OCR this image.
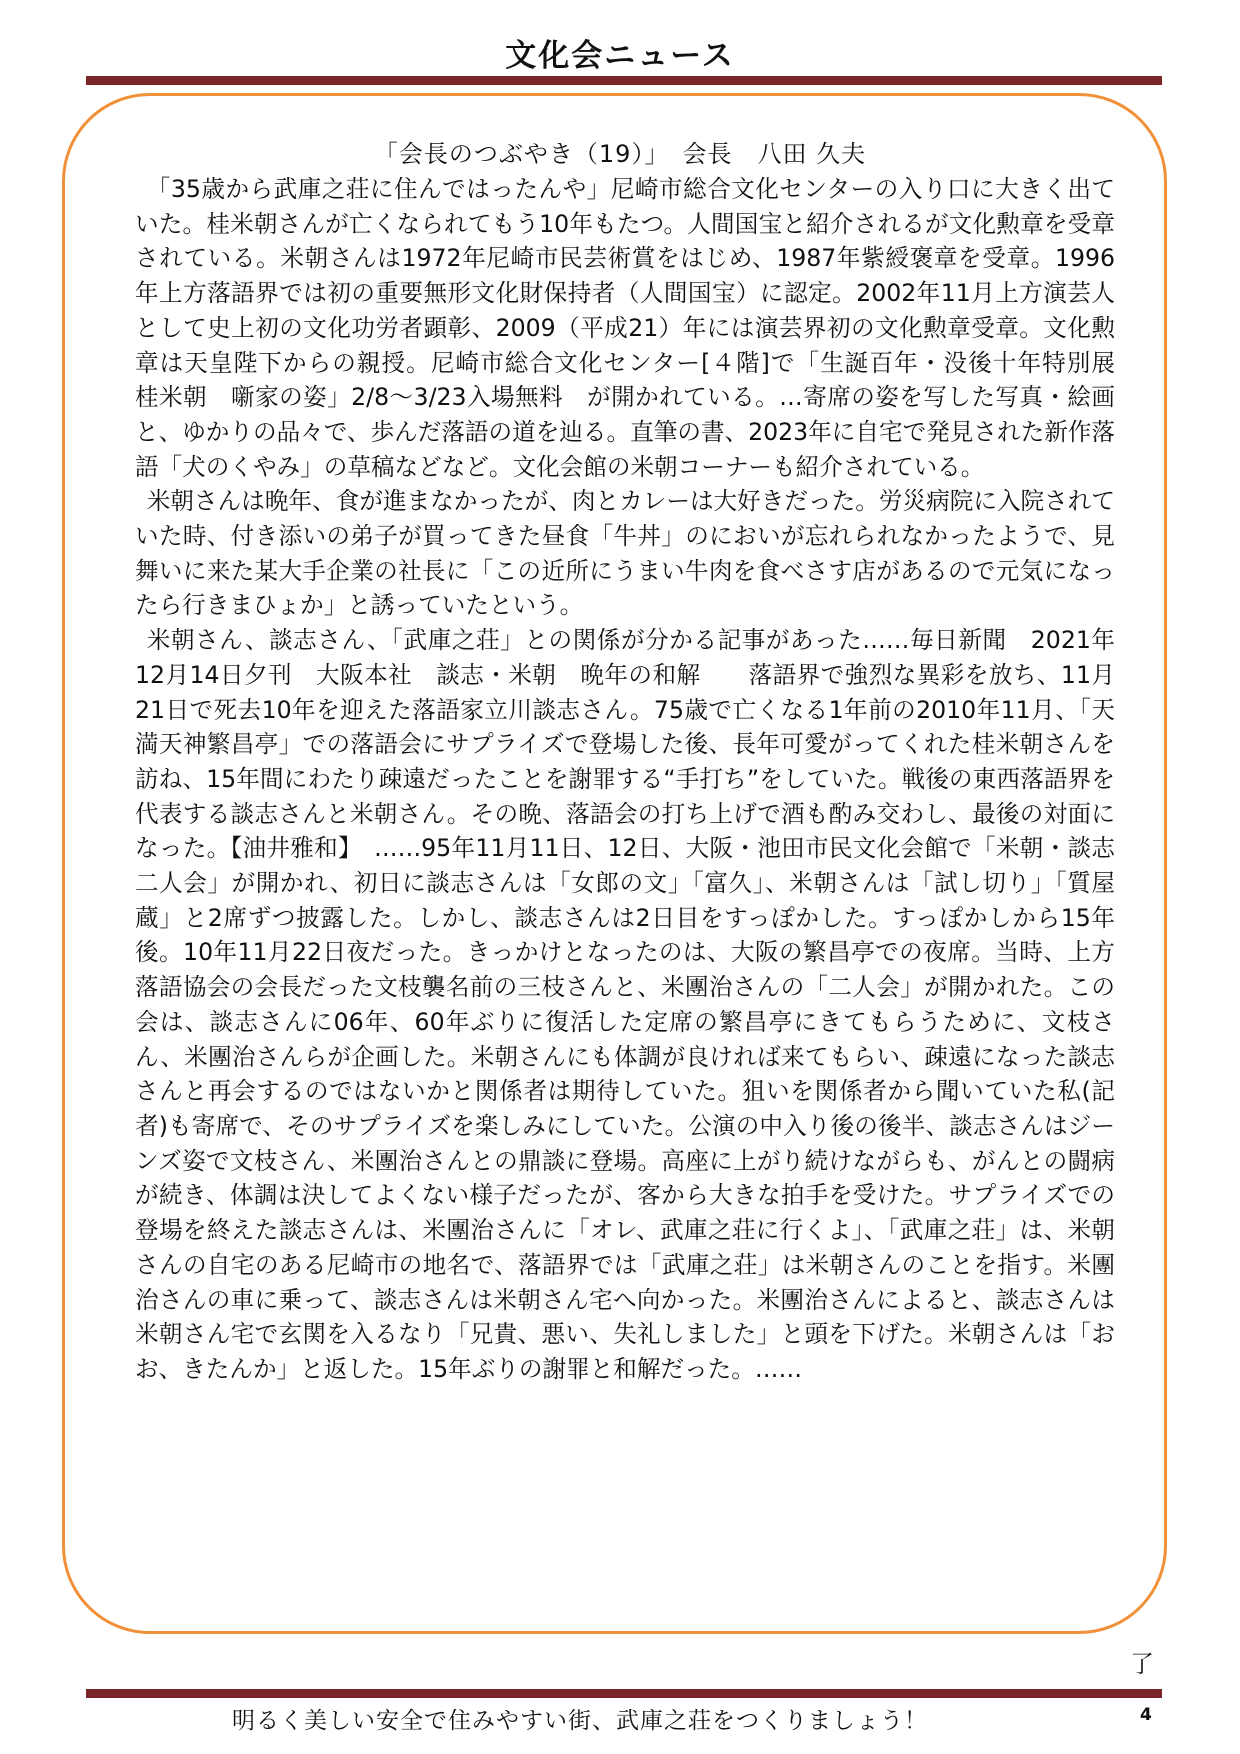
文化会ニュース
「会長のつぶやき（19）」　会長　八田 久夫

「35歳から武庫之荘に住んではったんや」尼崎市総合文化センターの入り口に大きく出ていた。桂米朝さんが亡くなられてもう10年もたつ。人間国宝と紹介されるが文化勲章を受章されている。米朝さんは1972年尼崎市民芸術賞をはじめ、1987年紫綬褒章を受章。1996年上方落語界では初の重要無形文化財保持者（人間国宝）に認定。2002年11月上方演芸人として史上初の文化功労者顕彰、2009（平成21）年には演芸界初の文化勲章受章。文化勲章は天皇陛下からの親授。尼崎市総合文化センター[４階]で「生誕百年・没後十年特別展　桂米朝　噺家の姿」2/8～3/23入場無料　が開かれている。…寄席の姿を写した写真・絵画と、ゆかりの品々で、歩んだ落語の道を辿る。直筆の書、2023年に自宅で発見された新作落語「犬のくやみ」の草稿などなど。文化会館の米朝コーナーも紹介されている。

米朝さんは晩年、食が進まなかったが、肉とカレーは大好きだった。労災病院に入院されていた時、付き添いの弟子が買ってきた昼食「牛丼」のにおいが忘れられなかったようで、見舞いに来た某大手企業の社長に「この近所にうまい牛肉を食べさす店があるので元気になったら行きまひょか」と誘っていたという。

米朝さん、談志さん、「武庫之荘」との関係が分かる記事があった……毎日新聞　2021年12月14日夕刊　大阪本社　談志・米朝　晩年の和解　　落語界で強烈な異彩を放ち、11月21日で死去10年を迎えた落語家立川談志さん。75歳で亡くなる1年前の2010年11月、「天満天神繁昌亭」での落語会にサプライズで登場した後、長年可愛がってくれた桂米朝さんを訪ね、15年間にわたり疎遠だったことを謝罪する“手打ち”をしていた。戦後の東西落語界を代表する談志さんと米朝さん。その晩、落語会の打ち上げで酒も酌み交わし、最後の対面になった。【油井雅和】　……95年11月11日、12日、大阪・池田市民文化会館で「米朝・談志二人会」が開かれ、初日に談志さんは「女郎の文」「富久」、米朝さんは「試し切り」「質屋蔵」と2席ずつ披露した。しかし、談志さんは2日目をすっぽかした。すっぽかしから15年後。10年11月22日夜だった。きっかけとなったのは、大阪の繁昌亭での夜席。当時、上方落語協会の会長だった文枝襲名前の三枝さんと、米團治さんの「二人会」が開かれた。この会は、談志さんに06年、60年ぶりに復活した定席の繁昌亭にきてもらうために、文枝さん、米團治さんらが企画した。米朝さんにも体調が良ければ来てもらい、疎遠になった談志さんと再会するのではないかと関係者は期待していた。狙いを関係者から聞いていた私(記者)も寄席で、そのサプライズを楽しみにしていた。公演の中入り後の後半、談志さんはジーンズ姿で文枝さん、米團治さんとの鼎談に登場。高座に上がり続けながらも、がんとの闘病が続き、体調は決してよくない様子だったが、客から大きな拍手を受けた。サプライズでの登場を終えた談志さんは、米團治さんに「オレ、武庫之荘に行くよ」、「武庫之荘」は、米朝さんの自宅のある尼崎市の地名で、落語界では「武庫之荘」は米朝さんのことを指す。米團治さんの車に乗って、談志さんは米朝さん宅へ向かった。米團治さんによると、談志さんは米朝さん宅で玄関を入るなり「兄貴、悪い、失礼しました」と頭を下げた。米朝さんは「おお、きたんか」と返した。15年ぶりの謝罪と和解だった。……

了
明るく美しい安全で住みやすい街、武庫之荘をつくりましょう！	4
